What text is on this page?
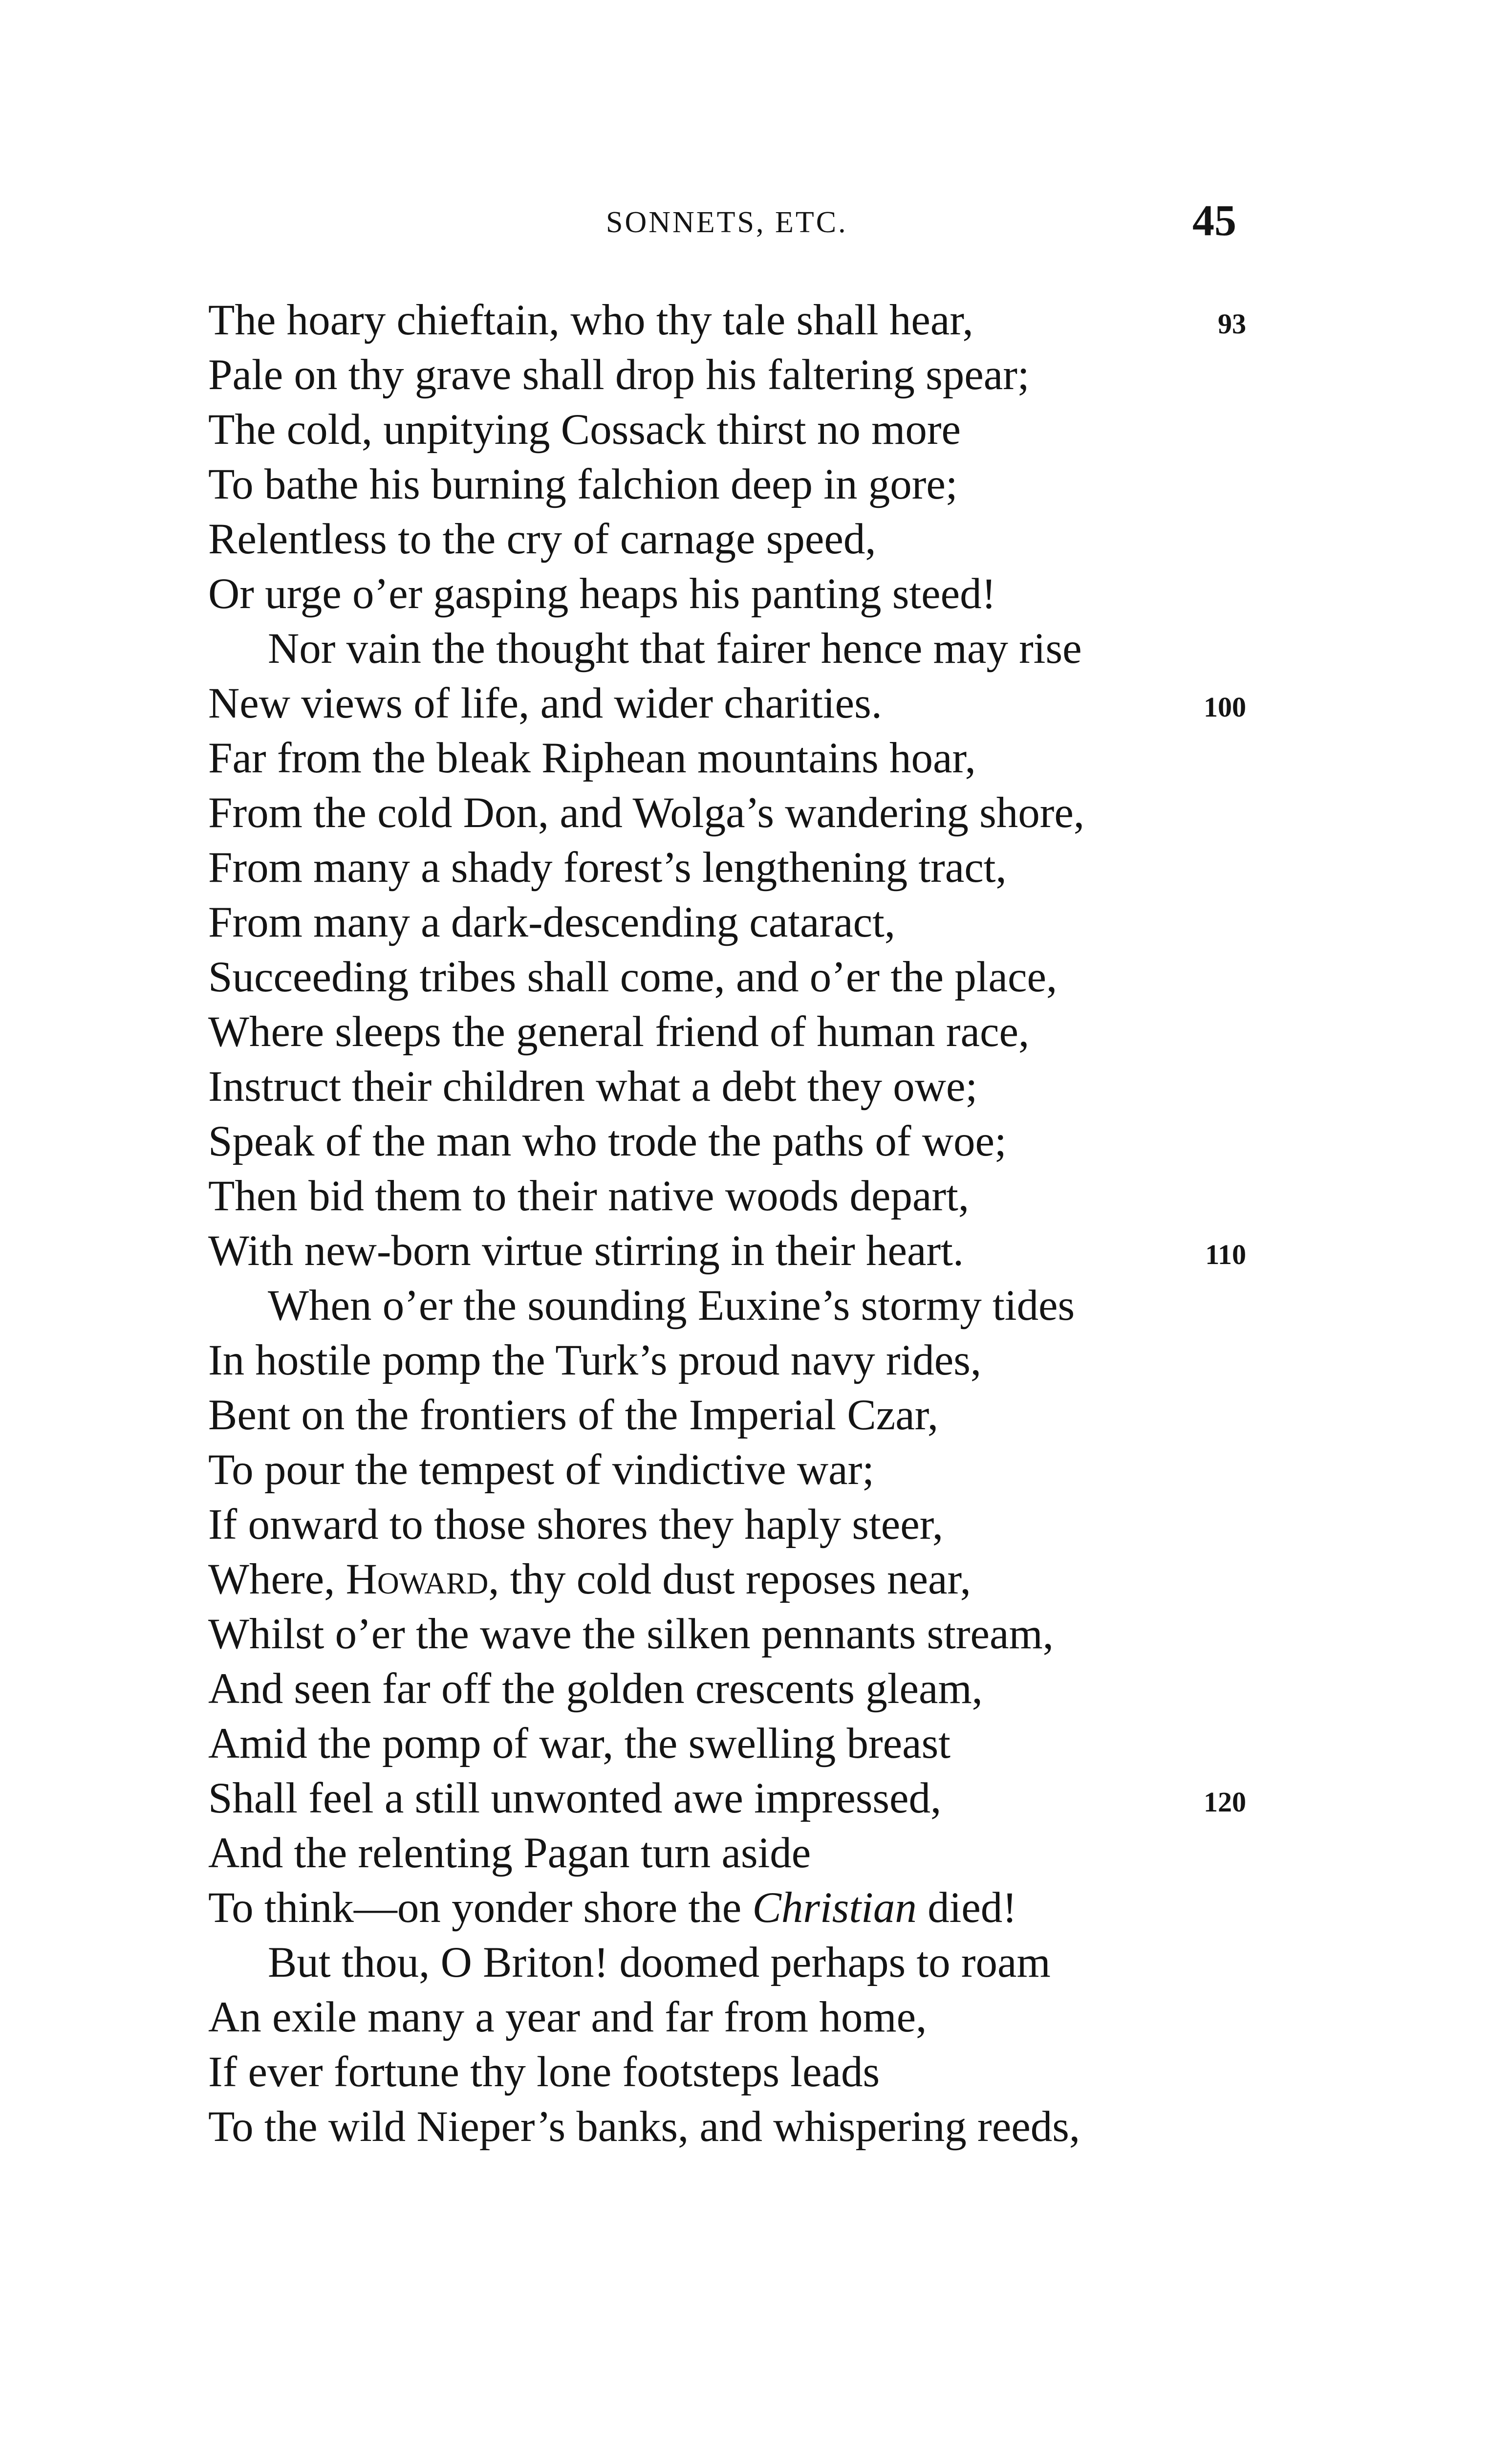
SONNETS, ETC.	45
The hoary chieftain, who thy tale shall hear,	93
Pale on thy grave shall drop his faltering spear;
The cold, unpitying Cossack thirst no more
To bathe his burning falchion deep in gore;
Relentless to the cry of carnage speed,
Or urge o’er gasping heaps his panting steed!
Nor vain the thought that fairer hence may rise
New views of life, and wider charities.	100
Far from the bleak Riphean mountains hoar,
From the cold Don, and Wolga’s wandering shore,
From many a shady forest’s lengthening tract,
From many a dark-descending cataract,
Succeeding tribes shall come, and o’er the place,
Where sleeps the general friend of human race,
Instruct their children what a debt they owe;
Speak of the man who trode the paths of woe;
Then bid them to their native woods depart,
With new-born virtue stirring in their heart.	110
When o’er the sounding Euxine’s stormy tides
In hostile pomp the Turk’s proud navy rides,
Bent on the frontiers of the Imperial Czar,
To pour the tempest of vindictive war;
If onward to those shores they haply steer,
Where, Howard, thy cold dust reposes near,
Whilst o’er the wave the silken pennants stream,
And seen far off the golden crescents gleam,
Amid the pomp of war, the swelling breast
Shall feel a still unwonted awe impressed,	120
And the relenting Pagan turn aside
To think—on yonder shore the Christian died!
But thou, O Briton! doomed perhaps to roam
An exile many a year and far from home,
If ever fortune thy lone footsteps leads
To the wild Nieper’s banks, and whispering reeds,
